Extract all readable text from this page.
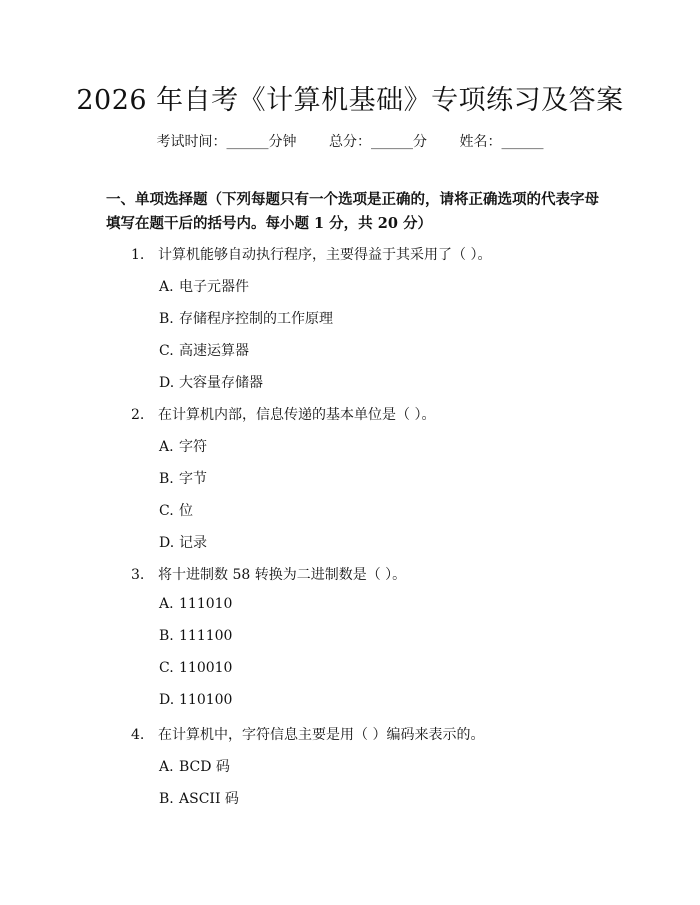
2026 年自考《计算机基础》专项练习及答案
考试时间：______分钟 总分：______分 姓名：______
一、单项选择题（下列每题只有一个选项是正确的，请将正确选项的代表字母填写在题干后的括号内。每小题 1 分，共 20 分）
1. 计算机能够自动执行程序，主要得益于其采用了（ ）。
A. 电子元器件
B. 存储程序控制的工作原理
C. 高速运算器
D. 大容量存储器
2. 在计算机内部，信息传递的基本单位是（ ）。
A. 字符
B. 字节
C. 位
D. 记录
3. 将十进制数 58 转换为二进制数是（ ）。
A. 111010
B. 111100
C. 110010
D. 110100
4. 在计算机中，字符信息主要是用（ ）编码来表示的。
A. BCD 码
B. ASCII 码
